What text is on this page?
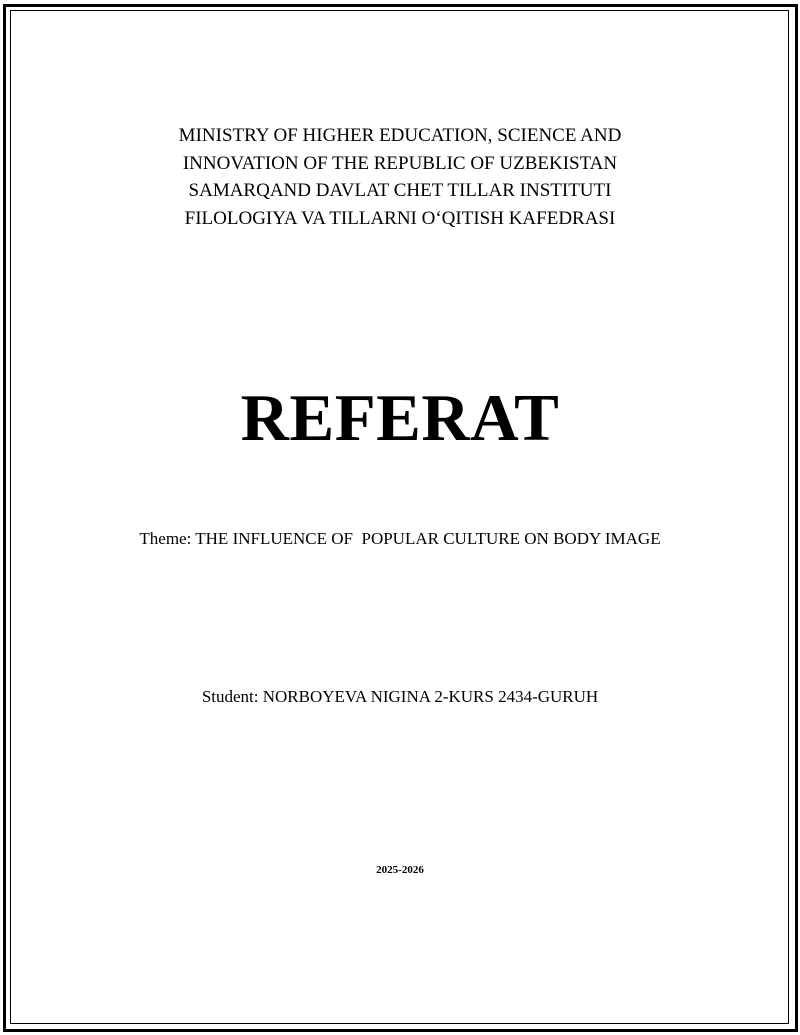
MINISTRY OF HIGHER EDUCATION, SCIENCE AND
INNOVATION OF THE REPUBLIC OF UZBEKISTAN
SAMARQAND DAVLAT CHET TILLAR INSTITUTI
FILOLOGIYA VA TILLARNI O‘QITISH KAFEDRASI
REFERAT
Theme: THE INFLUENCE OF  POPULAR CULTURE ON BODY IMAGE
Student: NORBOYEVA NIGINA 2-KURS 2434-GURUH
2025-2026
